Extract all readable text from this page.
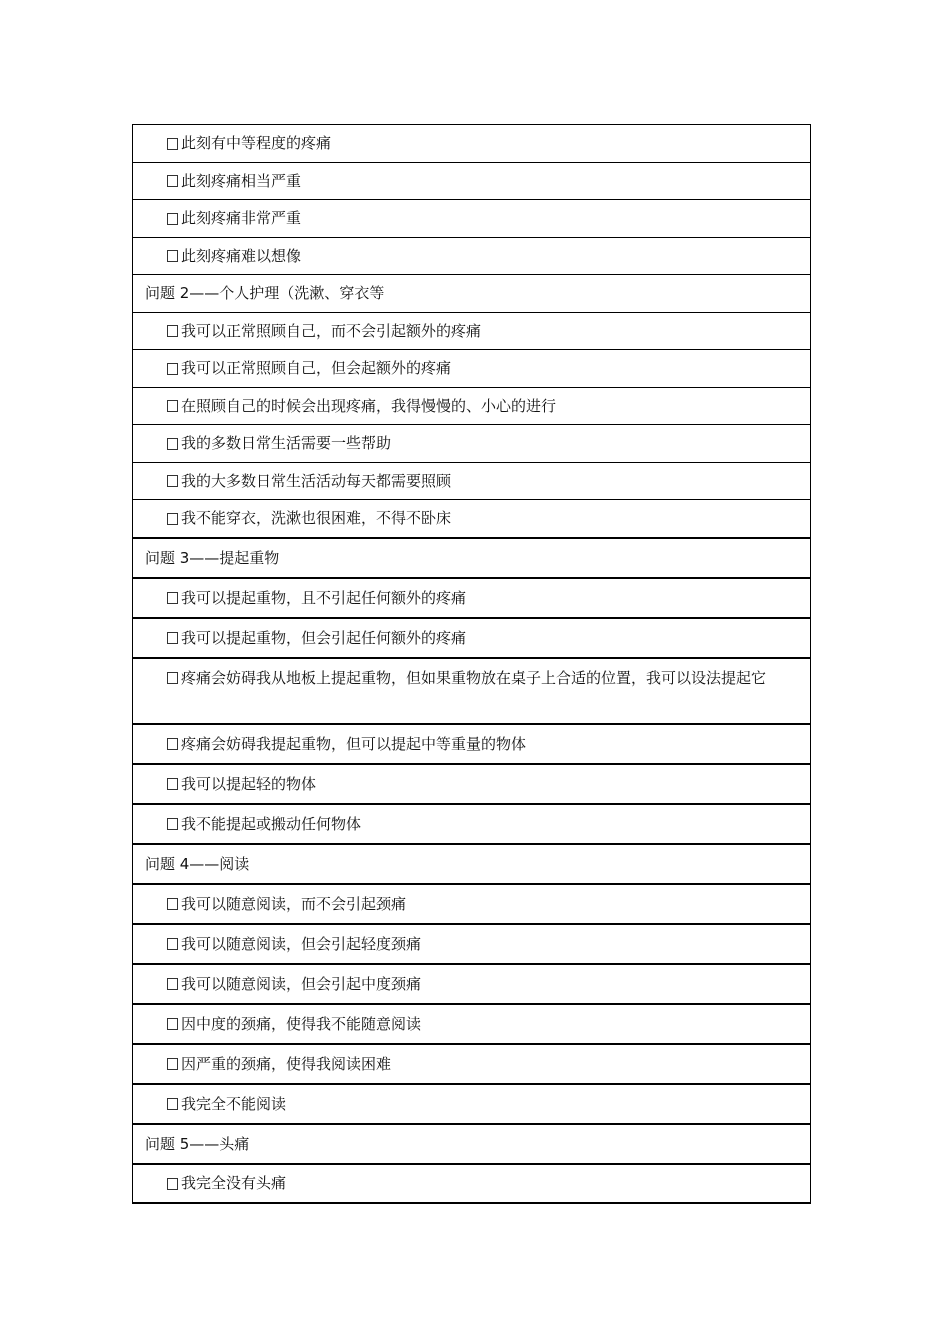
此刻有中等程度的疼痛
此刻疼痛相当严重
此刻疼痛非常严重
此刻疼痛难以想像
问题 2——个人护理（洗漱、穿衣等
我可以正常照顾自己，而不会引起额外的疼痛
我可以正常照顾自己，但会起额外的疼痛
在照顾自己的时候会出现疼痛，我得慢慢的、小心的进行
我的多数日常生活需要一些帮助
我的大多数日常生活活动每天都需要照顾
我不能穿衣，洗漱也很困难，不得不卧床
问题 3——提起重物
我可以提起重物，且不引起任何额外的疼痛
我可以提起重物，但会引起任何额外的疼痛
疼痛会妨碍我从地板上提起重物，但如果重物放在桌子上合适的位置，我可以设法提起它
疼痛会妨碍我提起重物，但可以提起中等重量的物体
我可以提起轻的物体
我不能提起或搬动任何物体
问题 4——阅读
我可以随意阅读，而不会引起颈痛
我可以随意阅读，但会引起轻度颈痛
我可以随意阅读，但会引起中度颈痛
因中度的颈痛，使得我不能随意阅读
因严重的颈痛，使得我阅读困难
我完全不能阅读
问题 5——头痛
我完全没有头痛
